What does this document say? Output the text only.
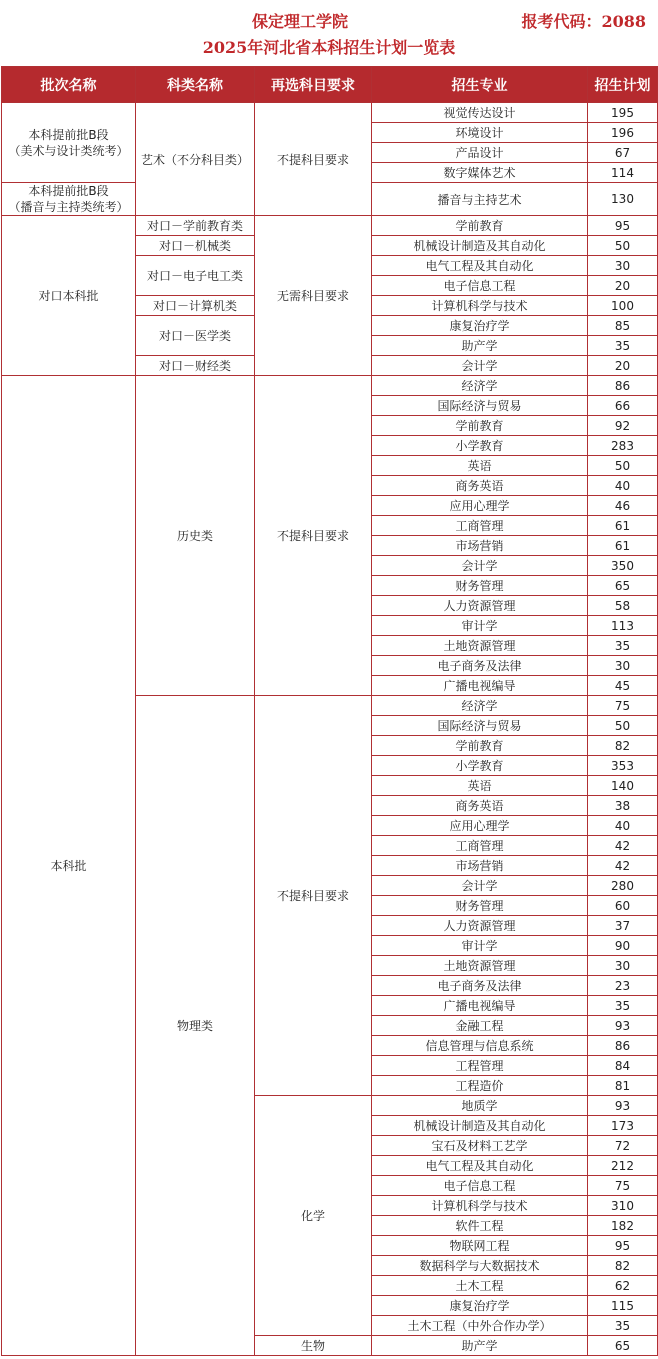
保定理工学院	报考代码：2088
2025年河北省本科招生计划一览表
批次名称	科类名称	再选科目要求	招生专业	招生计划
本科提前批B段
（美术与设计类统考）	艺术（不分科目类）	不提科目要求	视觉传达设计	195
			环境设计	196
			产品设计	67
			数字媒体艺术	114
本科提前批B段
（播音与主持类统考）			播音与主持艺术	130
对口本科批	对口－学前教育类	无需科目要求	学前教育	95
	对口－机械类		机械设计制造及其自动化	50
	对口－电子电工类		电气工程及其自动化	30
			电子信息工程	20
	对口－计算机类		计算机科学与技术	100
	对口－医学类		康复治疗学	85
			助产学	35
	对口－财经类		会计学	20
本科批	历史类	不提科目要求	经济学	86
			国际经济与贸易	66
			学前教育	92
			小学教育	283
			英语	50
			商务英语	40
			应用心理学	46
			工商管理	61
			市场营销	61
			会计学	350
			财务管理	65
			人力资源管理	58
			审计学	113
			土地资源管理	35
			电子商务及法律	30
			广播电视编导	45
	物理类	不提科目要求	经济学	75
			国际经济与贸易	50
			学前教育	82
			小学教育	353
			英语	140
			商务英语	38
			应用心理学	40
			工商管理	42
			市场营销	42
			会计学	280
			财务管理	60
			人力资源管理	37
			审计学	90
			土地资源管理	30
			电子商务及法律	23
			广播电视编导	35
			金融工程	93
			信息管理与信息系统	86
			工程管理	84
			工程造价	81
		化学	地质学	93
			机械设计制造及其自动化	173
			宝石及材料工艺学	72
			电气工程及其自动化	212
			电子信息工程	75
			计算机科学与技术	310
			软件工程	182
			物联网工程	95
			数据科学与大数据技术	82
			土木工程	62
			康复治疗学	115
			土木工程（中外合作办学）	35
		生物	助产学	65
